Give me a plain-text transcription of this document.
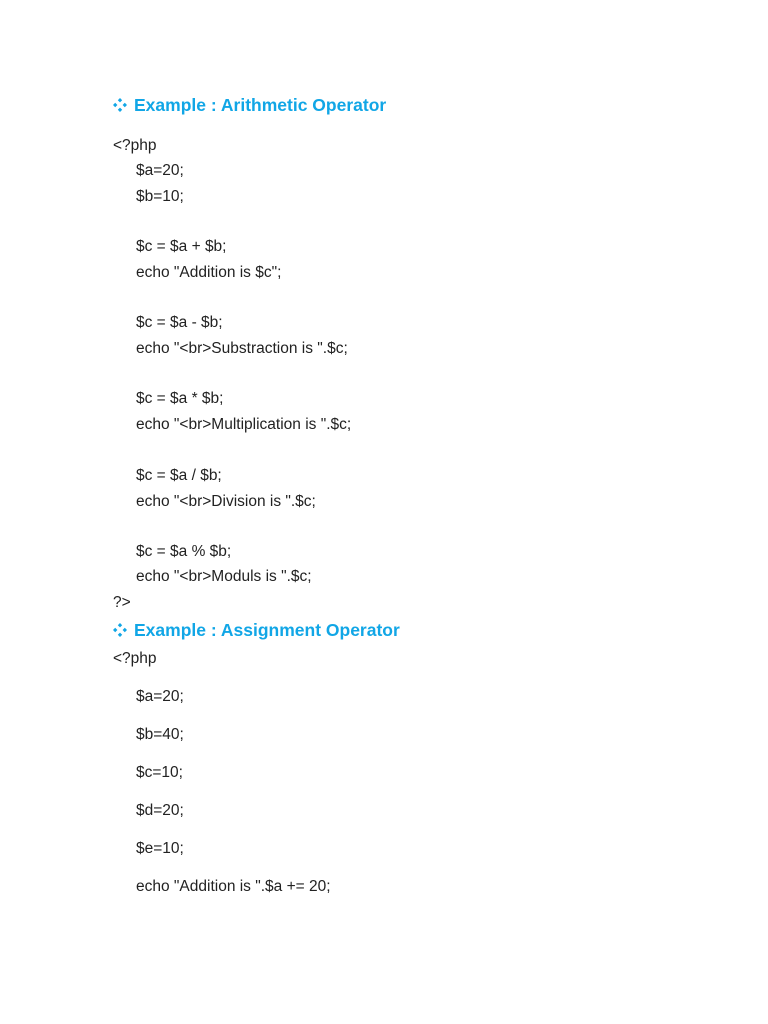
Example : Arithmetic Operator
<?php
$a=20;
$b=10;
$c = $a + $b;
echo "Addition is $c";
$c = $a - $b;
echo "<br>Substraction is ".$c;
$c = $a * $b;
echo "<br>Multiplication is ".$c;
$c = $a / $b;
echo "<br>Division is ".$c;
$c = $a % $b;
echo "<br>Moduls is ".$c;
?>
Example : Assignment Operator
<?php
$a=20;
$b=40;
$c=10;
$d=20;
$e=10;
echo "Addition is ".$a += 20;
